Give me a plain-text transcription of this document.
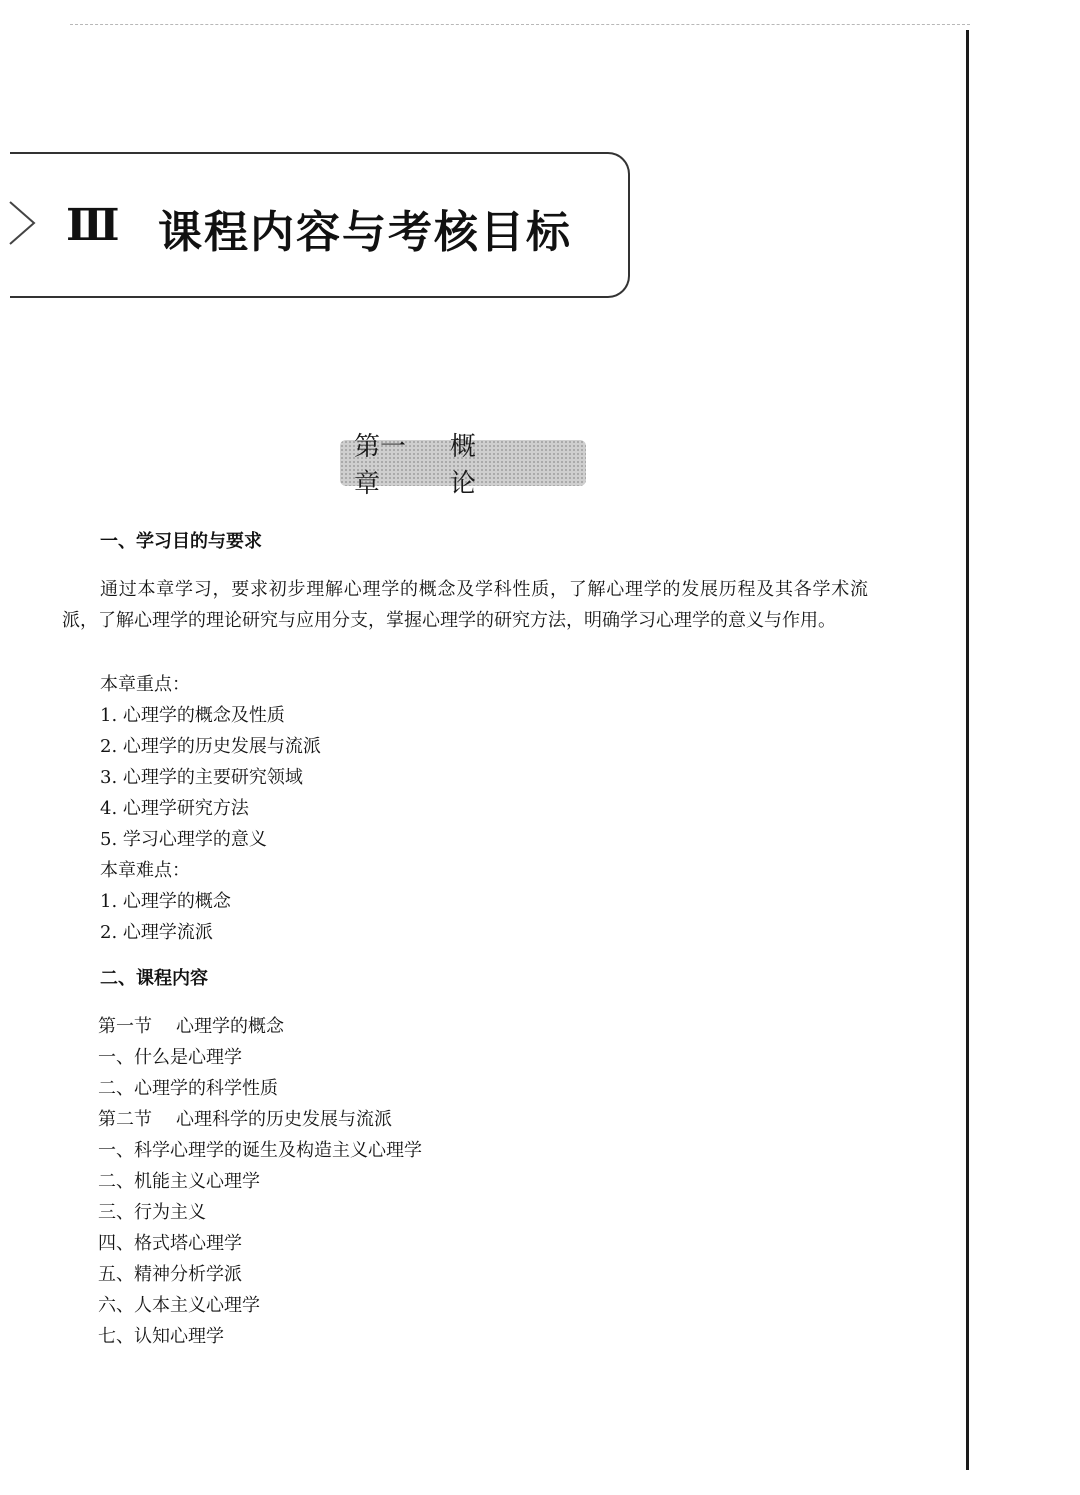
Ⅲ 课程内容与考核目标
第一章
概论
一、学习目的与要求

通过本章学习，要求初步理解心理学的概念及学科性质，了解心理学的发展历程及其各学术流派，了解心理学的理论研究与应用分支，掌握心理学的研究方法，明确学习心理学的意义与作用。

本章重点：
1. 心理学的概念及性质
2. 心理学的历史发展与流派
3. 心理学的主要研究领域
4. 心理学研究方法
5. 学习心理学的意义
本章难点：
1. 心理学的概念
2. 心理学流派
二、课程内容
第一节 心理学的概念
一、什么是心理学
二、心理学的科学性质
第二节 心理科学的历史发展与流派
一、科学心理学的诞生及构造主义心理学
二、机能主义心理学
三、行为主义
四、格式塔心理学
五、精神分析学派
六、人本主义心理学
七、认知心理学
